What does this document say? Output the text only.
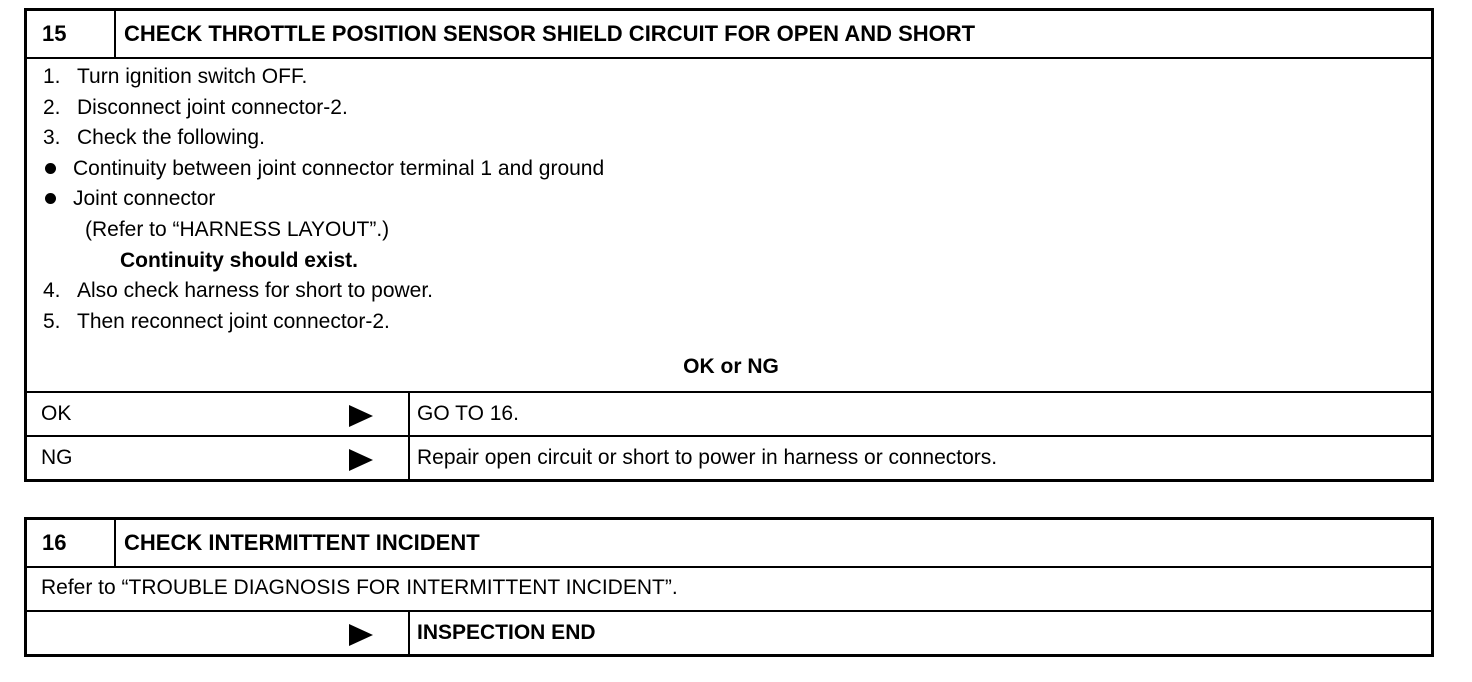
15	CHECK THROTTLE POSITION SENSOR SHIELD CIRCUIT FOR OPEN AND SHORT
1. Turn ignition switch OFF.
2. Disconnect joint connector-2.
3. Check the following.
Continuity between joint connector terminal 1 and ground
Joint connector
(Refer to “HARNESS LAYOUT”.)
Continuity should exist.
4. Also check harness for short to power.
5. Then reconnect joint connector-2.
OK or NG
OK	GO TO 16.
NG	Repair open circuit or short to power in harness or connectors.
16	CHECK INTERMITTENT INCIDENT
Refer to “TROUBLE DIAGNOSIS FOR INTERMITTENT INCIDENT”.
INSPECTION END
